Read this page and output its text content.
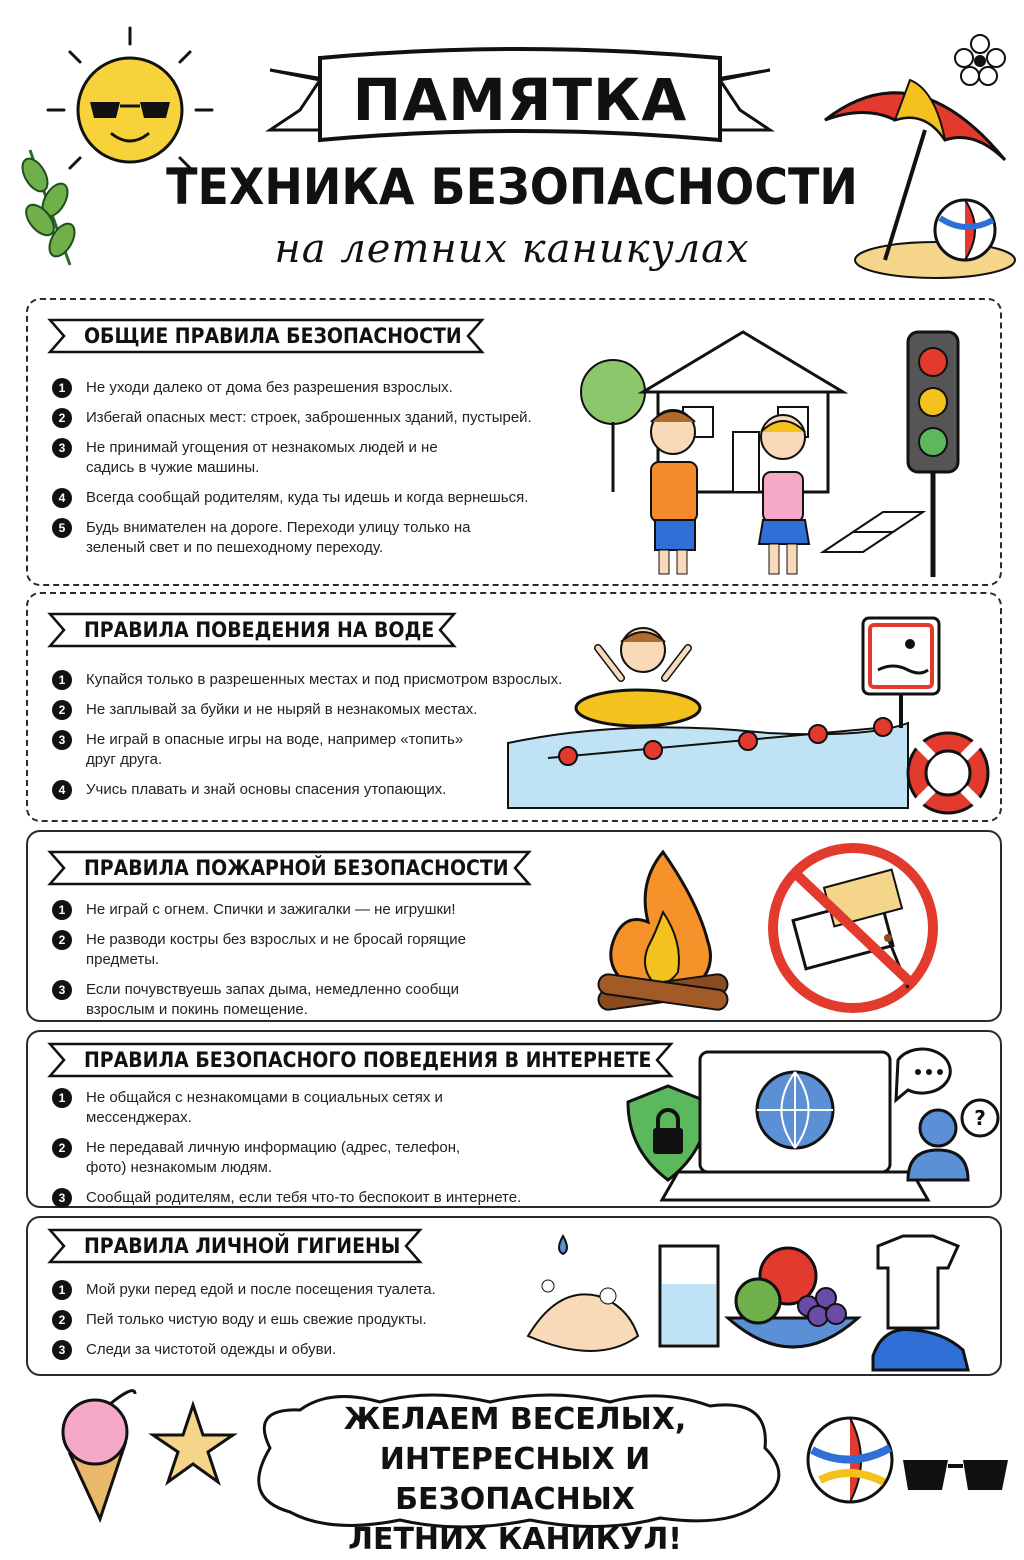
ПАМЯТКА
ТЕХНИКА БЕЗОПАСНОСТИ
на летних каникулах
ОБЩИЕ ПРАВИЛА БЕЗОПАСНОСТИ
1	Не уходи далеко от дома без разрешения взрослых.
2	Избегай опасных мест: строек, заброшенных зданий, пустырей.
3	Не принимай угощения от незнакомых людей и не садись в чужие машины.
4	Всегда сообщай родителям, куда ты идешь и когда вернешься.
5	Будь внимателен на дороге. Переходи улицу только на зеленый свет и по пешеходному переходу.
ПРАВИЛА ПОВЕДЕНИЯ НА ВОДЕ
1	Купайся только в разрешенных местах и под присмотром взрослых.
2	Не заплывай за буйки и не ныряй в незнакомых местах.
3	Не играй в опасные игры на воде, например «топить» друг друга.
4	Учись плавать и знай основы спасения утопающих.
ПРАВИЛА ПОЖАРНОЙ БЕЗОПАСНОСТИ
1	Не играй с огнем. Спички и зажигалки — не игрушки!
2	Не разводи костры без взрослых и не бросай горящие предметы.
3	Если почувствуешь запах дыма, немедленно сообщи взрослым и покинь помещение.
ПРАВИЛА БЕЗОПАСНОГО ПОВЕДЕНИЯ В ИНТЕРНЕТЕ
1	Не общайся с незнакомцами в социальных сетях и мессенджерах.
2	Не передавай личную информацию (адрес, телефон, фото) незнакомым людям.
3	Сообщай родителям, если тебя что-то беспокоит в интернете.
?
ПРАВИЛА ЛИЧНОЙ ГИГИЕНЫ
1	Мой руки перед едой и после посещения туалета.
2	Пей только чистую воду и ешь свежие продукты.
3	Следи за чистотой одежды и обуви.
ЖЕЛАЕМ ВЕСЕЛЫХ,
ИНТЕРЕСНЫХ И БЕЗОПАСНЫХ
ЛЕТНИХ КАНИКУЛ!
